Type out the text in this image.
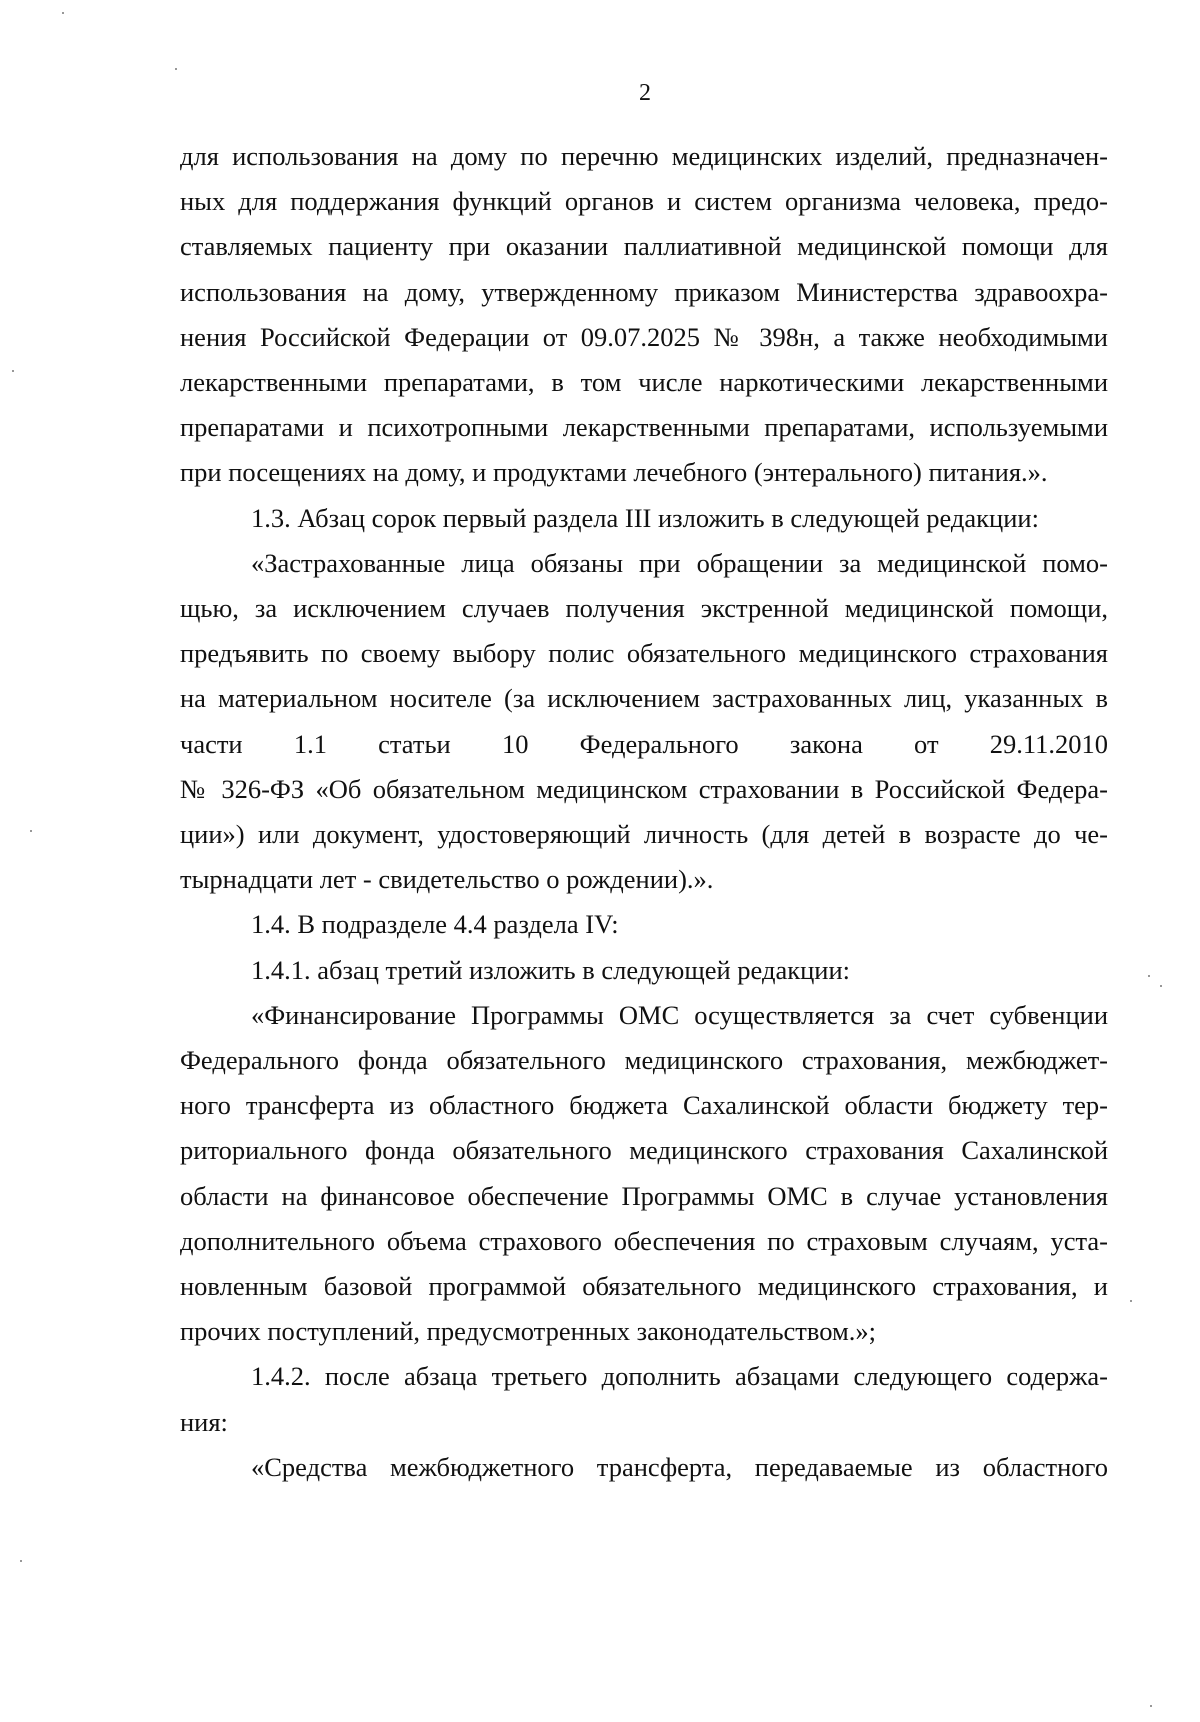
2

для использования на дому по перечню медицинских изделий, предназначен-
ных для поддержания функций органов и систем организма человека, предо-
ставляемых пациенту при оказании паллиативной медицинской помощи для
использования на дому, утвержденному приказом Министерства здравоохра-
нения Российской Федерации от 09.07.2025 № 398н, а также необходимыми
лекарственными препаратами, в том числе наркотическими лекарственными
препаратами и психотропными лекарственными препаратами, используемыми
при посещениях на дому, и продуктами лечебного (энтерального) питания.».

1.3. Абзац сорок первый раздела III изложить в следующей редакции:

«Застрахованные лица обязаны при обращении за медицинской помо-
щью, за исключением случаев получения экстренной медицинской помощи,
предъявить по своему выбору полис обязательного медицинского страхования
на материальном носителе (за исключением застрахованных лиц, указанных в
части 1.1 статьи 10 Федерального закона от 29.11.2010
№ 326-ФЗ «Об обязательном медицинском страховании в Российской Федера-
ции») или документ, удостоверяющий личность (для детей в возрасте до че-
тырнадцати лет - свидетельство о рождении).».

1.4. В подразделе 4.4 раздела IV:

1.4.1. абзац третий изложить в следующей редакции:

«Финансирование Программы ОМС осуществляется за счет субвенции
Федерального фонда обязательного медицинского страхования, межбюджет-
ного трансферта из областного бюджета Сахалинской области бюджету тер-
риториального фонда обязательного медицинского страхования Сахалинской
области на финансовое обеспечение Программы ОМС в случае установления
дополнительного объема страхового обеспечения по страховым случаям, уста-
новленным базовой программой обязательного медицинского страхования, и
прочих поступлений, предусмотренных законодательством.»;

1.4.2. после абзаца третьего дополнить абзацами следующего содержа-
ния:

«Средства межбюджетного трансферта, передаваемые из областного
